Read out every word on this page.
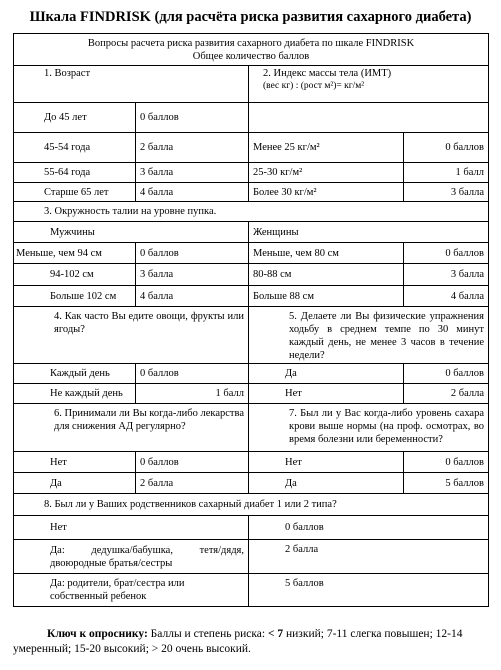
Шкала FINDRISK (для расчёта риска развития сахарного диабета)
Вопросы расчета риска развития сахарного диабета по шкале FINDRISK
Общее количество баллов			

1. Возраст		2. Индекс массы тела (ИМТ)
(вес кг) : (рост м²)= кг/м²	

До 45 лет	0 баллов		
45-54 года	2 балла	Менее 25 кг/м²	0 баллов
55-64 года	3 балла	25-30 кг/м²	1 балл
Старше 65 лет	4 балла	Более 30 кг/м²	3 балла
3. Окружность талии на уровне пупка.			
Мужчины		Женщины	
Меньше, чем 94 см	0 баллов	Меньше, чем 80 см	0 баллов
94-102 см	3 балла	80-88 см	3 балла
Больше 102 см	4 балла	Больше 88 см	4 балла
4. Как часто Вы едите овощи, фрукты или ягоды?		5. Делаете ли Вы физические упражнения ходьбу в среднем темпе по 30 минут каждый день, не менее 3 часов в течение недели?	
Каждый день	0 баллов	Да	0 баллов
Не каждый день	1 балл	Нет	2 балла
6. Принимали ли Вы когда-либо лекарства для снижения АД регулярно?		7. Был ли у Вас когда-либо уровень сахара крови выше нормы (на проф. осмотрах, во время болезни или беременности?	
Нет	0 баллов	Нет	0 баллов
Да	2 балла	Да	5 баллов
8. Был ли у Ваших родственников сахарный диабет 1 или 2 типа?			
Нет		0 баллов	
Да: дедушка/бабушка, тетя/дядя, двоюродные братья/сестры		2 балла	
Да: родители, брат/сестра или собственный ребенок		5 баллов	
Ключ к опроснику: Баллы и степень риска: < 7 низкий; 7-11 слегка повышен; 12-14 умеренный; 15-20 высокий; > 20 очень высокий.
